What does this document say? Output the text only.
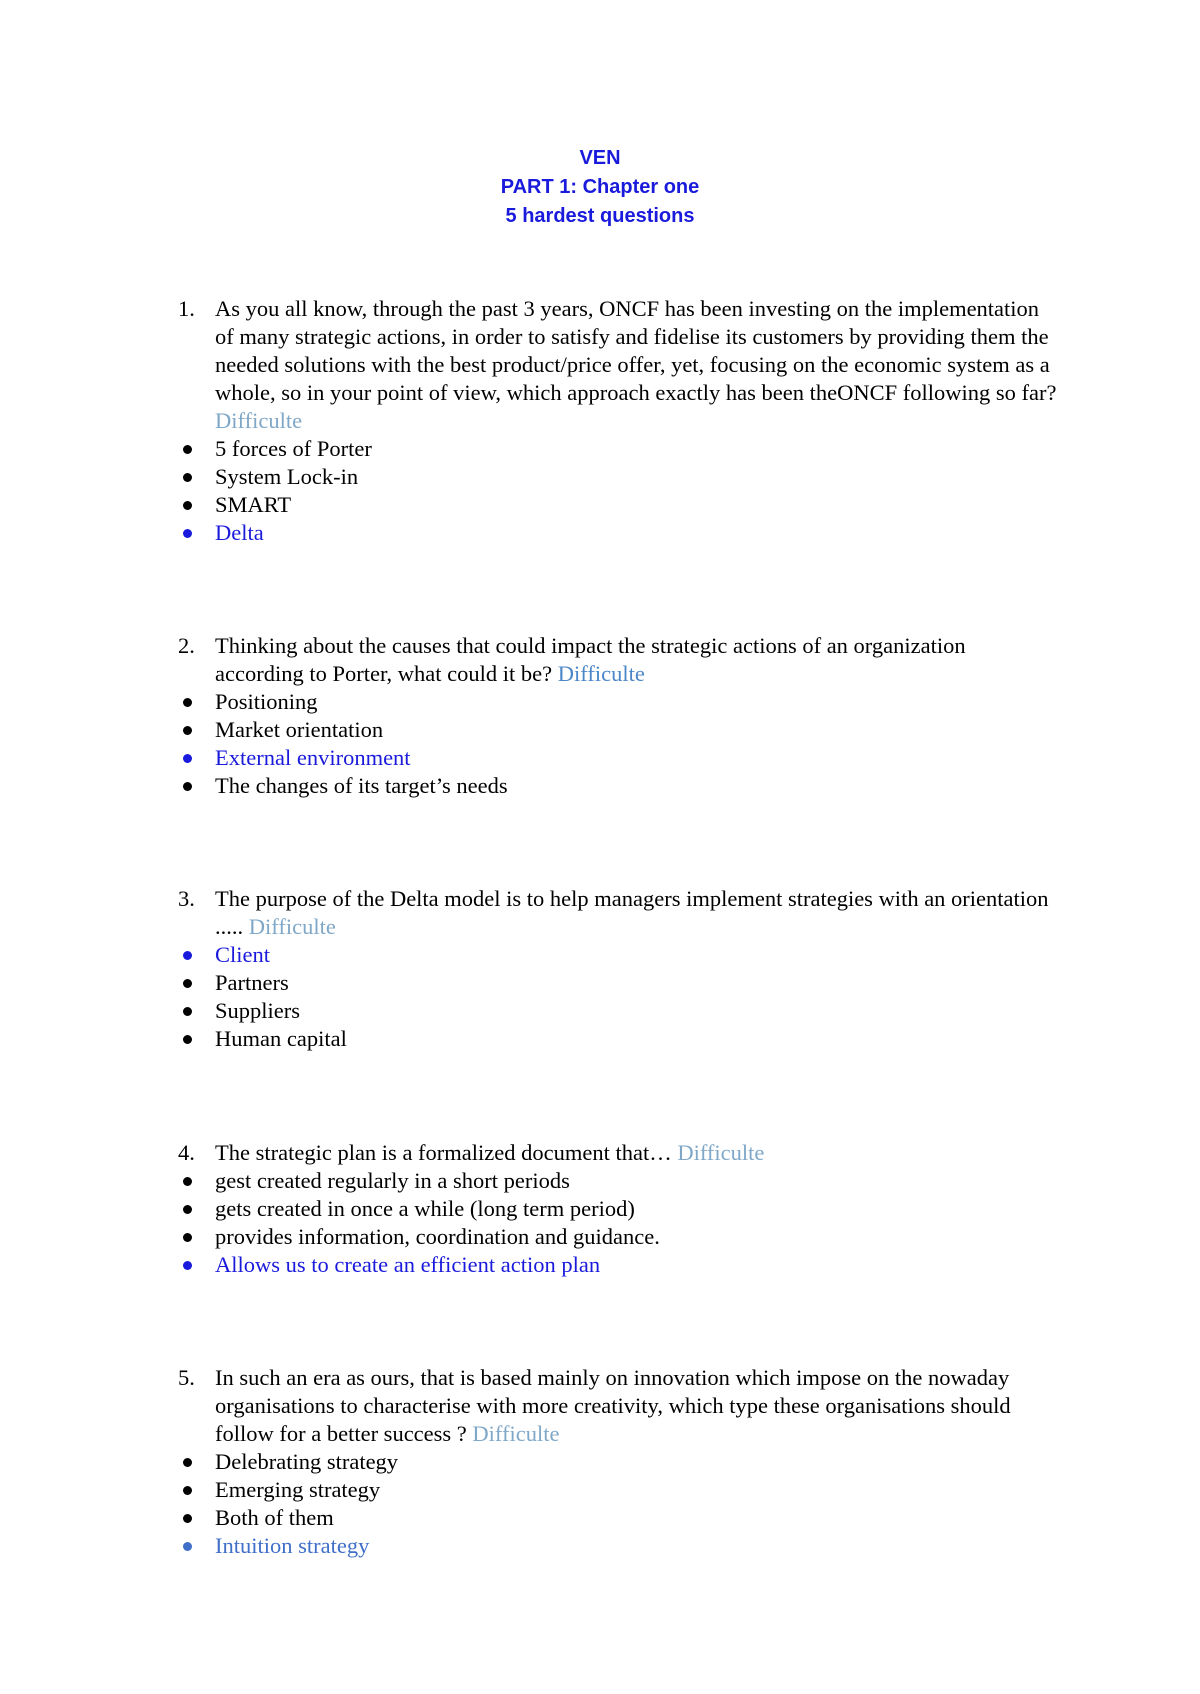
VEN
PART 1: Chapter one
5 hardest questions
1. As you all know, through the past 3 years, ONCF has been investing on the implementation of many strategic actions, in order to satisfy and fidelise its customers by providing them the needed solutions with the best product/price offer, yet, focusing on the economic system as a whole, so in your point of view, which approach exactly has been theONCF following so far? Difficulte
5 forces of Porter
System Lock-in
SMART
Delta
2. Thinking about the causes that could impact the strategic actions of an organization according to Porter, what could it be? Difficulte
Positioning
Market orientation
External environment
The changes of its target’s needs
3. The purpose of the Delta model is to help managers implement strategies with an orientation ..... Difficulte
Client
Partners
Suppliers
Human capital
4. The strategic plan is a formalized document that… Difficulte
gest created regularly in a short periods
gets created in once a while (long term period)
provides information, coordination and guidance.
Allows us to create an efficient action plan
5. In such an era as ours, that is based mainly on innovation which impose on the nowaday organisations to characterise with more creativity, which type these organisations should follow for a better success ? Difficulte
Delebrating strategy
Emerging strategy
Both of them
Intuition strategy
